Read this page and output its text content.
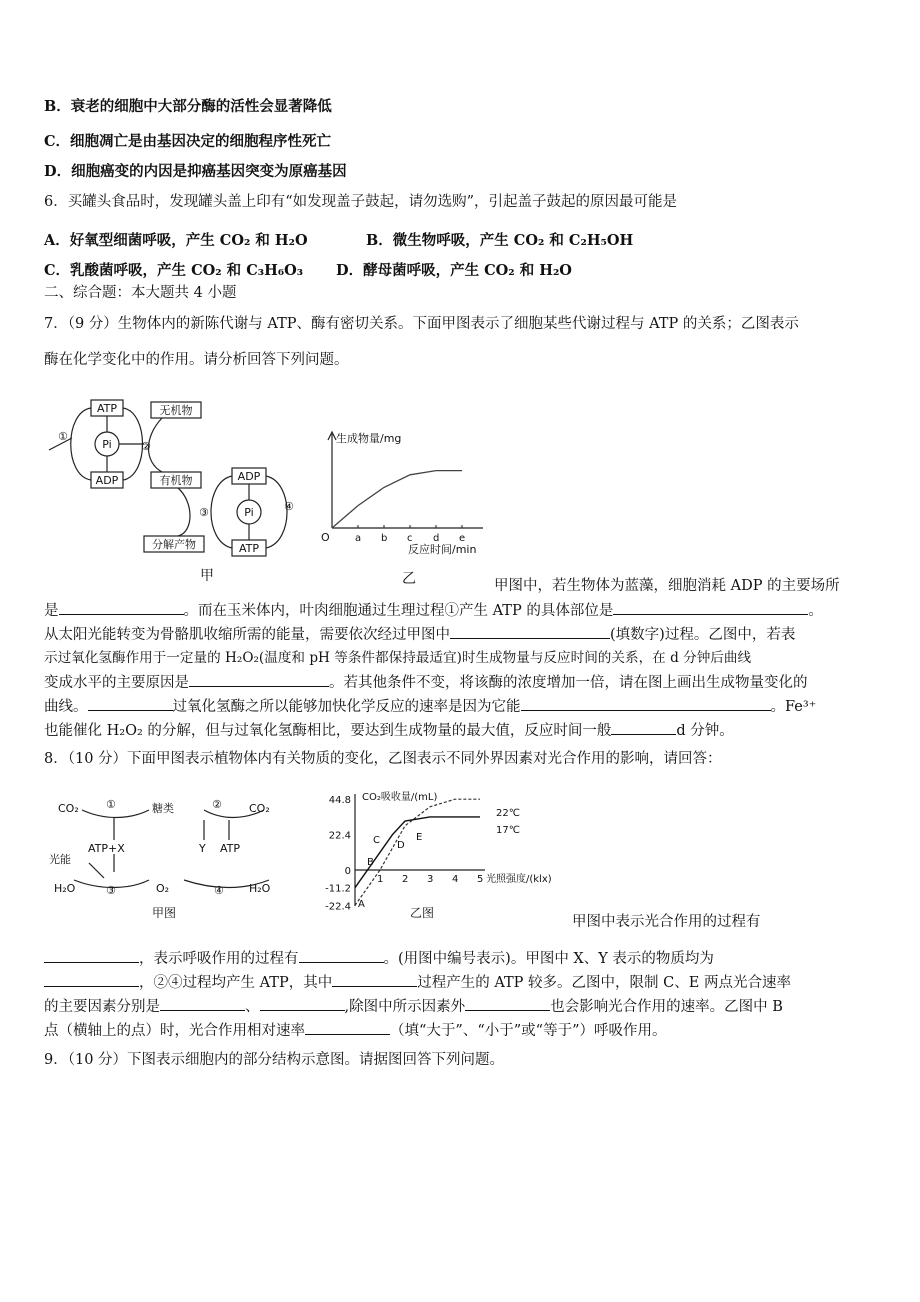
B．衰老的细胞中大部分酶的活性会显著降低
C．细胞凋亡是由基因决定的细胞程序性死亡
D．细胞癌变的内因是抑癌基因突变为原癌基因
6．买罐头食品时，发现罐头盖上印有“如发现盖子鼓起，请勿选购”，引起盖子鼓起的原因最可能是
A．好氧型细菌呼吸，产生 CO₂ 和 H₂O	B．微生物呼吸，产生 CO₂ 和 C₂H₅OH
C．乳酸菌呼吸，产生 CO₂ 和 C₃H₆O₃ D．酵母菌呼吸，产生 CO₂ 和 H₂O
二、综合题：本大题共 4 小题
7．（9 分）生物体内的新陈代谢与 ATP、酶有密切关系。下面甲图表示了细胞某些代谢过程与 ATP 的关系；乙图表示
酶在化学变化中的作用。请分析回答下列问题。
ATP
ADP
Pi
无机物
有机物
①
②
ADP
ATP
Pi
分解产物
③	④
甲
a b c d e
生成物量/mg
O
反应时间/min
乙	甲图中，若生物体为蓝藻，细胞消耗 ADP 的主要场所
是	。而在玉米体内，叶肉细胞通过生理过程①产生 ATP 的具体部位是	。
从太阳光能转变为骨骼肌收缩所需的能量，需要依次经过甲图中	(填数字)过程。乙图中，若表
示过氧化氢酶作用于一定量的 H₂O₂(温度和 pH 等条件都保持最适宜)时生成物量与反应时间的关系，在 d 分钟后曲线
变成水平的主要原因是	。若其他条件不变，将该酶的浓度增加一倍，请在图上画出生成物量变化的
曲线。	过氧化氢酶之所以能够加快化学反应的速率是因为它能	。Fe³⁺
也能催化 H₂O₂ 的分解，但与过氧化氢酶相比，要达到生成物量的最大值，反应时间一般	d 分钟。
8．（10 分）下面甲图表示植物体内有关物质的变化，乙图表示不同外界因素对光合作用的影响，请回答：
CO₂ ①	糖类	② CO₂
ATP+X	Y ATP
光能
H₂O	③	O₂	④ H₂O
甲图
1 2 3 4 5
44.8
22.4
0
-11.2
-22.4
CO₂吸收量/(mL)
光照强度/(klx)
22℃
17℃
A
B
C D
E
乙图
甲图中表示光合作用的过程有
，表示呼吸作用的过程有	。(用图中编号表示)。甲图中 X、Y 表示的物质均为
，②④过程均产生 ATP，其中	过程产生的 ATP 较多。乙图中，限制 C、E 两点光合速率
的主要因素分别是	、	,除图中所示因素外	也会影响光合作用的速率。乙图中 B
点（横轴上的点）时，光合作用相对速率	（填“大于”、“小于”或“等于”）呼吸作用。
9．（10 分）下图表示细胞内的部分结构示意图。请据图回答下列问题。
